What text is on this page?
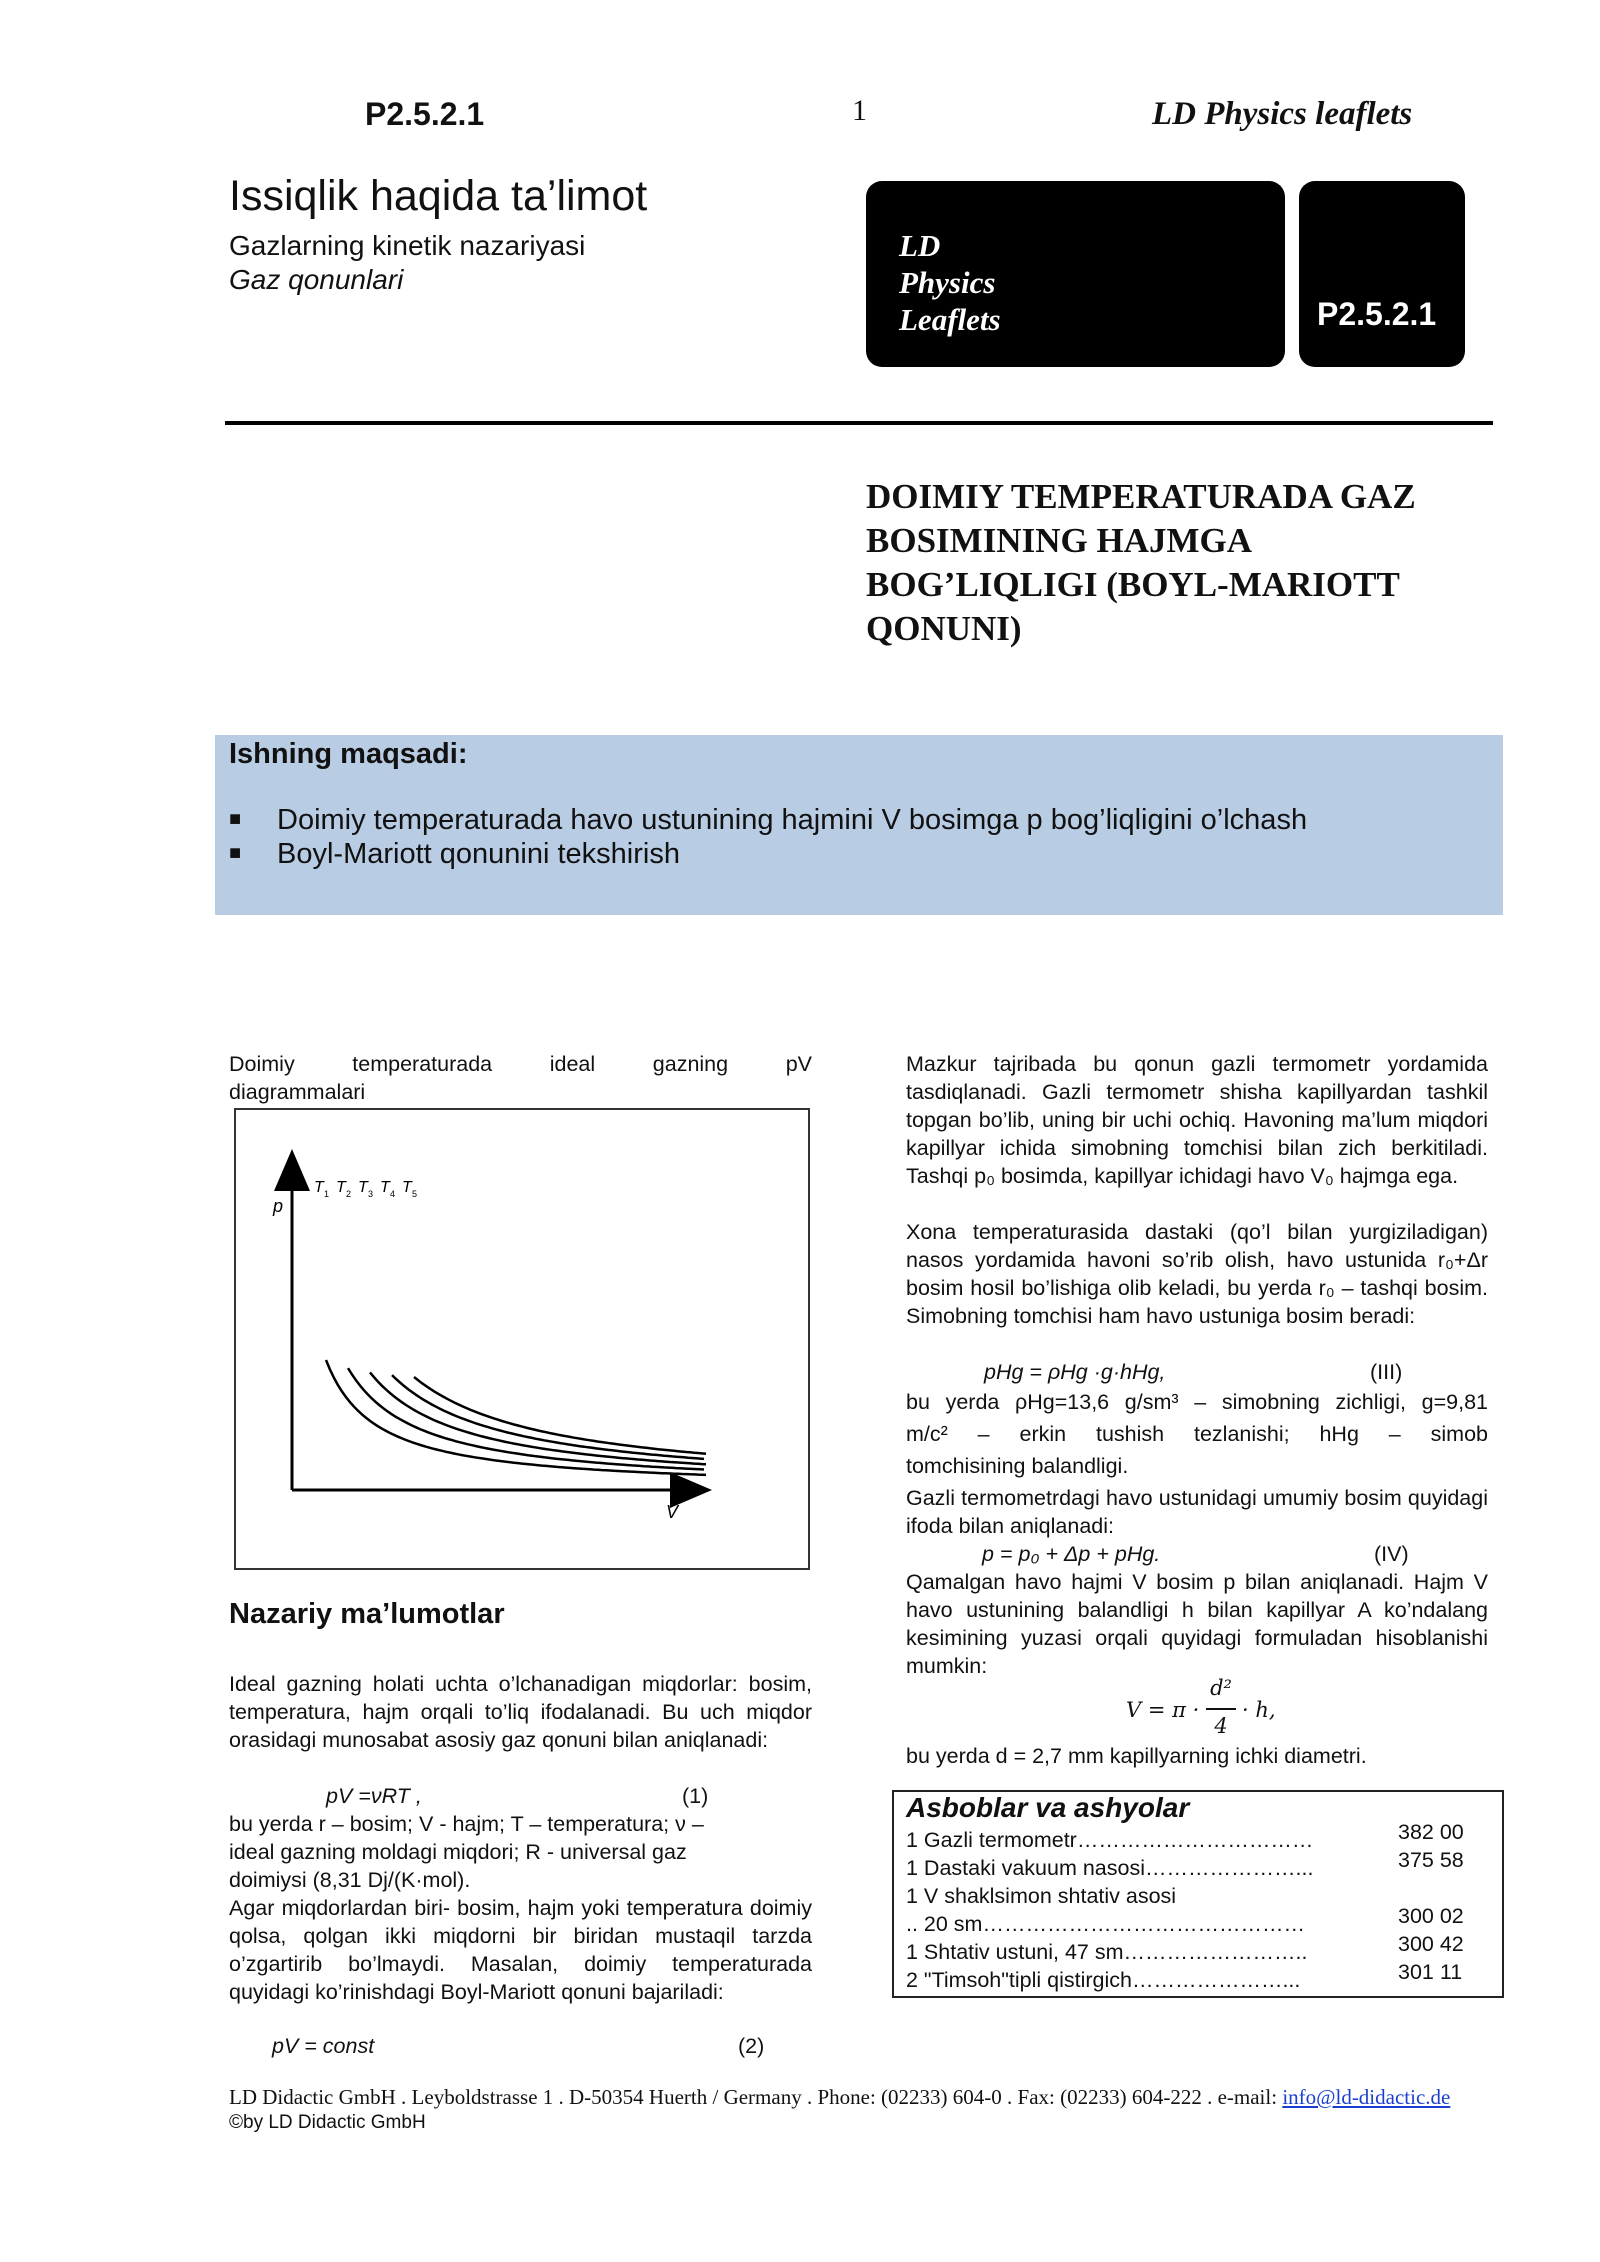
P2.5.2.1	1	LD Physics leaflets
Issiqlik haqida ta’limot
Gazlarning kinetik nazariyasi
Gaz qonunlari
LD
Physics
Leaflets	P2.5.2.1
DOIMIY TEMPERATURADA GAZ BOSIMINING HAJMGA BOG’LIQLIGI (BOYL-MARIOTT QONUNI)
Ishning maqsadi:
■ Doimiy temperaturada havo ustunining hajmini V bosimga p bog’liqligini o’lchash
■ Boyl-Mariott qonunini tekshirish
Doimiy temperaturada ideal gazning pV
diagrammalari
p
V
T 1 T 2 T 3 T 4 T 5
Nazariy ma’lumotlar
Ideal gazning holati uchta o’lchanadigan miqdorlar: bosim, temperatura, hajm orqali to’liq ifodalanadi. Bu uch miqdor orasidagi munosabat asosiy gaz qonuni bilan aniqlanadi:
pV =νRT ,	(1)
bu yerda r – bosim; V - hajm; T – temperatura; ν –
ideal gazning moldagi miqdori; R - universal gaz
doimiysi (8,31 Dj/(K·mol).
Agar miqdorlardan biri- bosim, hajm yoki temperatura doimiy qolsa, qolgan ikki miqdorni bir biridan mustaqil tarzda o’zgartirib bo’lmaydi. Masalan, doimiy temperaturada quyidagi ko’rinishdagi Boyl-Mariott qonuni bajariladi:
pV = const	(2)
Mazkur tajribada bu qonun gazli termometr yordamida tasdiqlanadi. Gazli termometr shisha kapillyardan tashkil topgan bo’lib, uning bir uchi ochiq. Havoning ma’lum miqdori kapillyar ichida simobning tomchisi bilan zich berkitiladi. Tashqi p₀ bosimda, kapillyar ichidagi havo V₀ hajmga ega.
Xona temperaturasida dastaki (qo’l bilan yurgiziladigan) nasos yordamida havoni so’rib olish, havo ustunida r₀+Δr bosim hosil bo’lishiga olib keladi, bu yerda r₀ – tashqi bosim. Simobning tomchisi ham havo ustuniga bosim beradi:
pHg = ρHg ·g·hHg,	(III)
bu yerda ρHg=13,6 g/sm³ – simobning zichligi, g=9,81
m/c² – erkin tushish tezlanishi; hHg – simob
tomchisining balandligi.
Gazli termometrdagi havo ustunidagi umumiy bosim quyidagi ifoda bilan aniqlanadi:
p = p₀ + Δp + pHg.	(IV)
Qamalgan havo hajmi V bosim p bilan aniqlanadi. Hajm V havo ustunining balandligi h bilan kapillyar A ko’ndalang kesimining yuzasi orqali quyidagi formuladan hisoblanishi mumkin:
V = π ·
d²
4
· h,
bu yerda d = 2,7 mm kapillyarning ichki diametri.
Asboblar va ashyolar
1 Gazli termometr……………………………	382 00
1 Dastaki vakuum nasosi…………………...	375 58
1 V shaklsimon shtativ asosi
.. 20 sm………………………………………	300 02
1 Shtativ ustuni, 47 sm……………………..	300 42
2 "Timsoh"tipli qistirgich…………………...	301 11
LD Didactic GmbH . Leyboldstrasse 1 . D-50354 Huerth / Germany . Phone: (02233) 604-0 . Fax: (02233) 604-222 . e-mail: info@ld-didactic.de
©by LD Didactic GmbH
